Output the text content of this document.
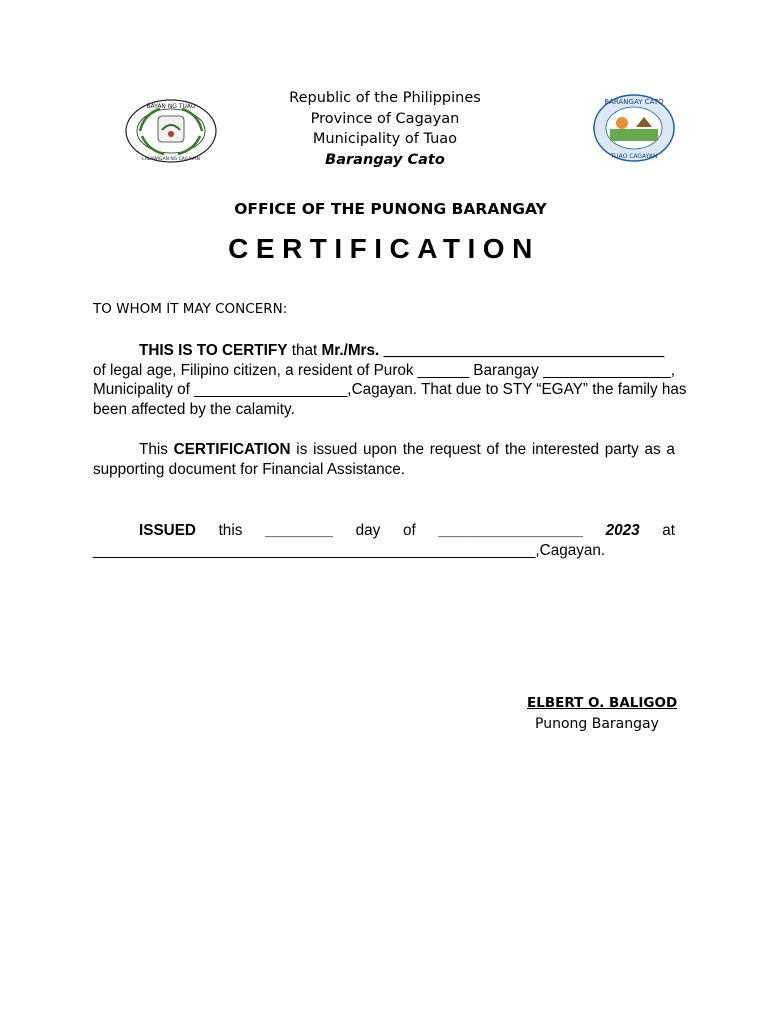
BAYAN NG TUAO
LALAWIGAN NG CAGAYAN
BARANGAY CATO
TUAO CAGAYAN
Republic of the Philippines
Province of Cagayan
Municipality of Tuao
Barangay Cato
OFFICE OF THE PUNONG BARANGAY
CERTIFICATION
TO WHOM IT MAY CONCERN:
THIS IS TO CERTIFY
that
Mr./Mrs.
_________________________________
of legal age, Filipino citizen, a resident of Purok ______ Barangay _______________,
Municipality of __________________, Cagayan. That due to STY “EGAY” the family has
been affected by the calamity.
This CERTIFICATION is issued upon the request of the interested party as a
supporting document for Financial Assistance.
ISSUED this ________ day of _________________ 2023 at
____________________________________________________ ,Cagayan.
ELBERT O. BALIGOD
Punong Barangay
